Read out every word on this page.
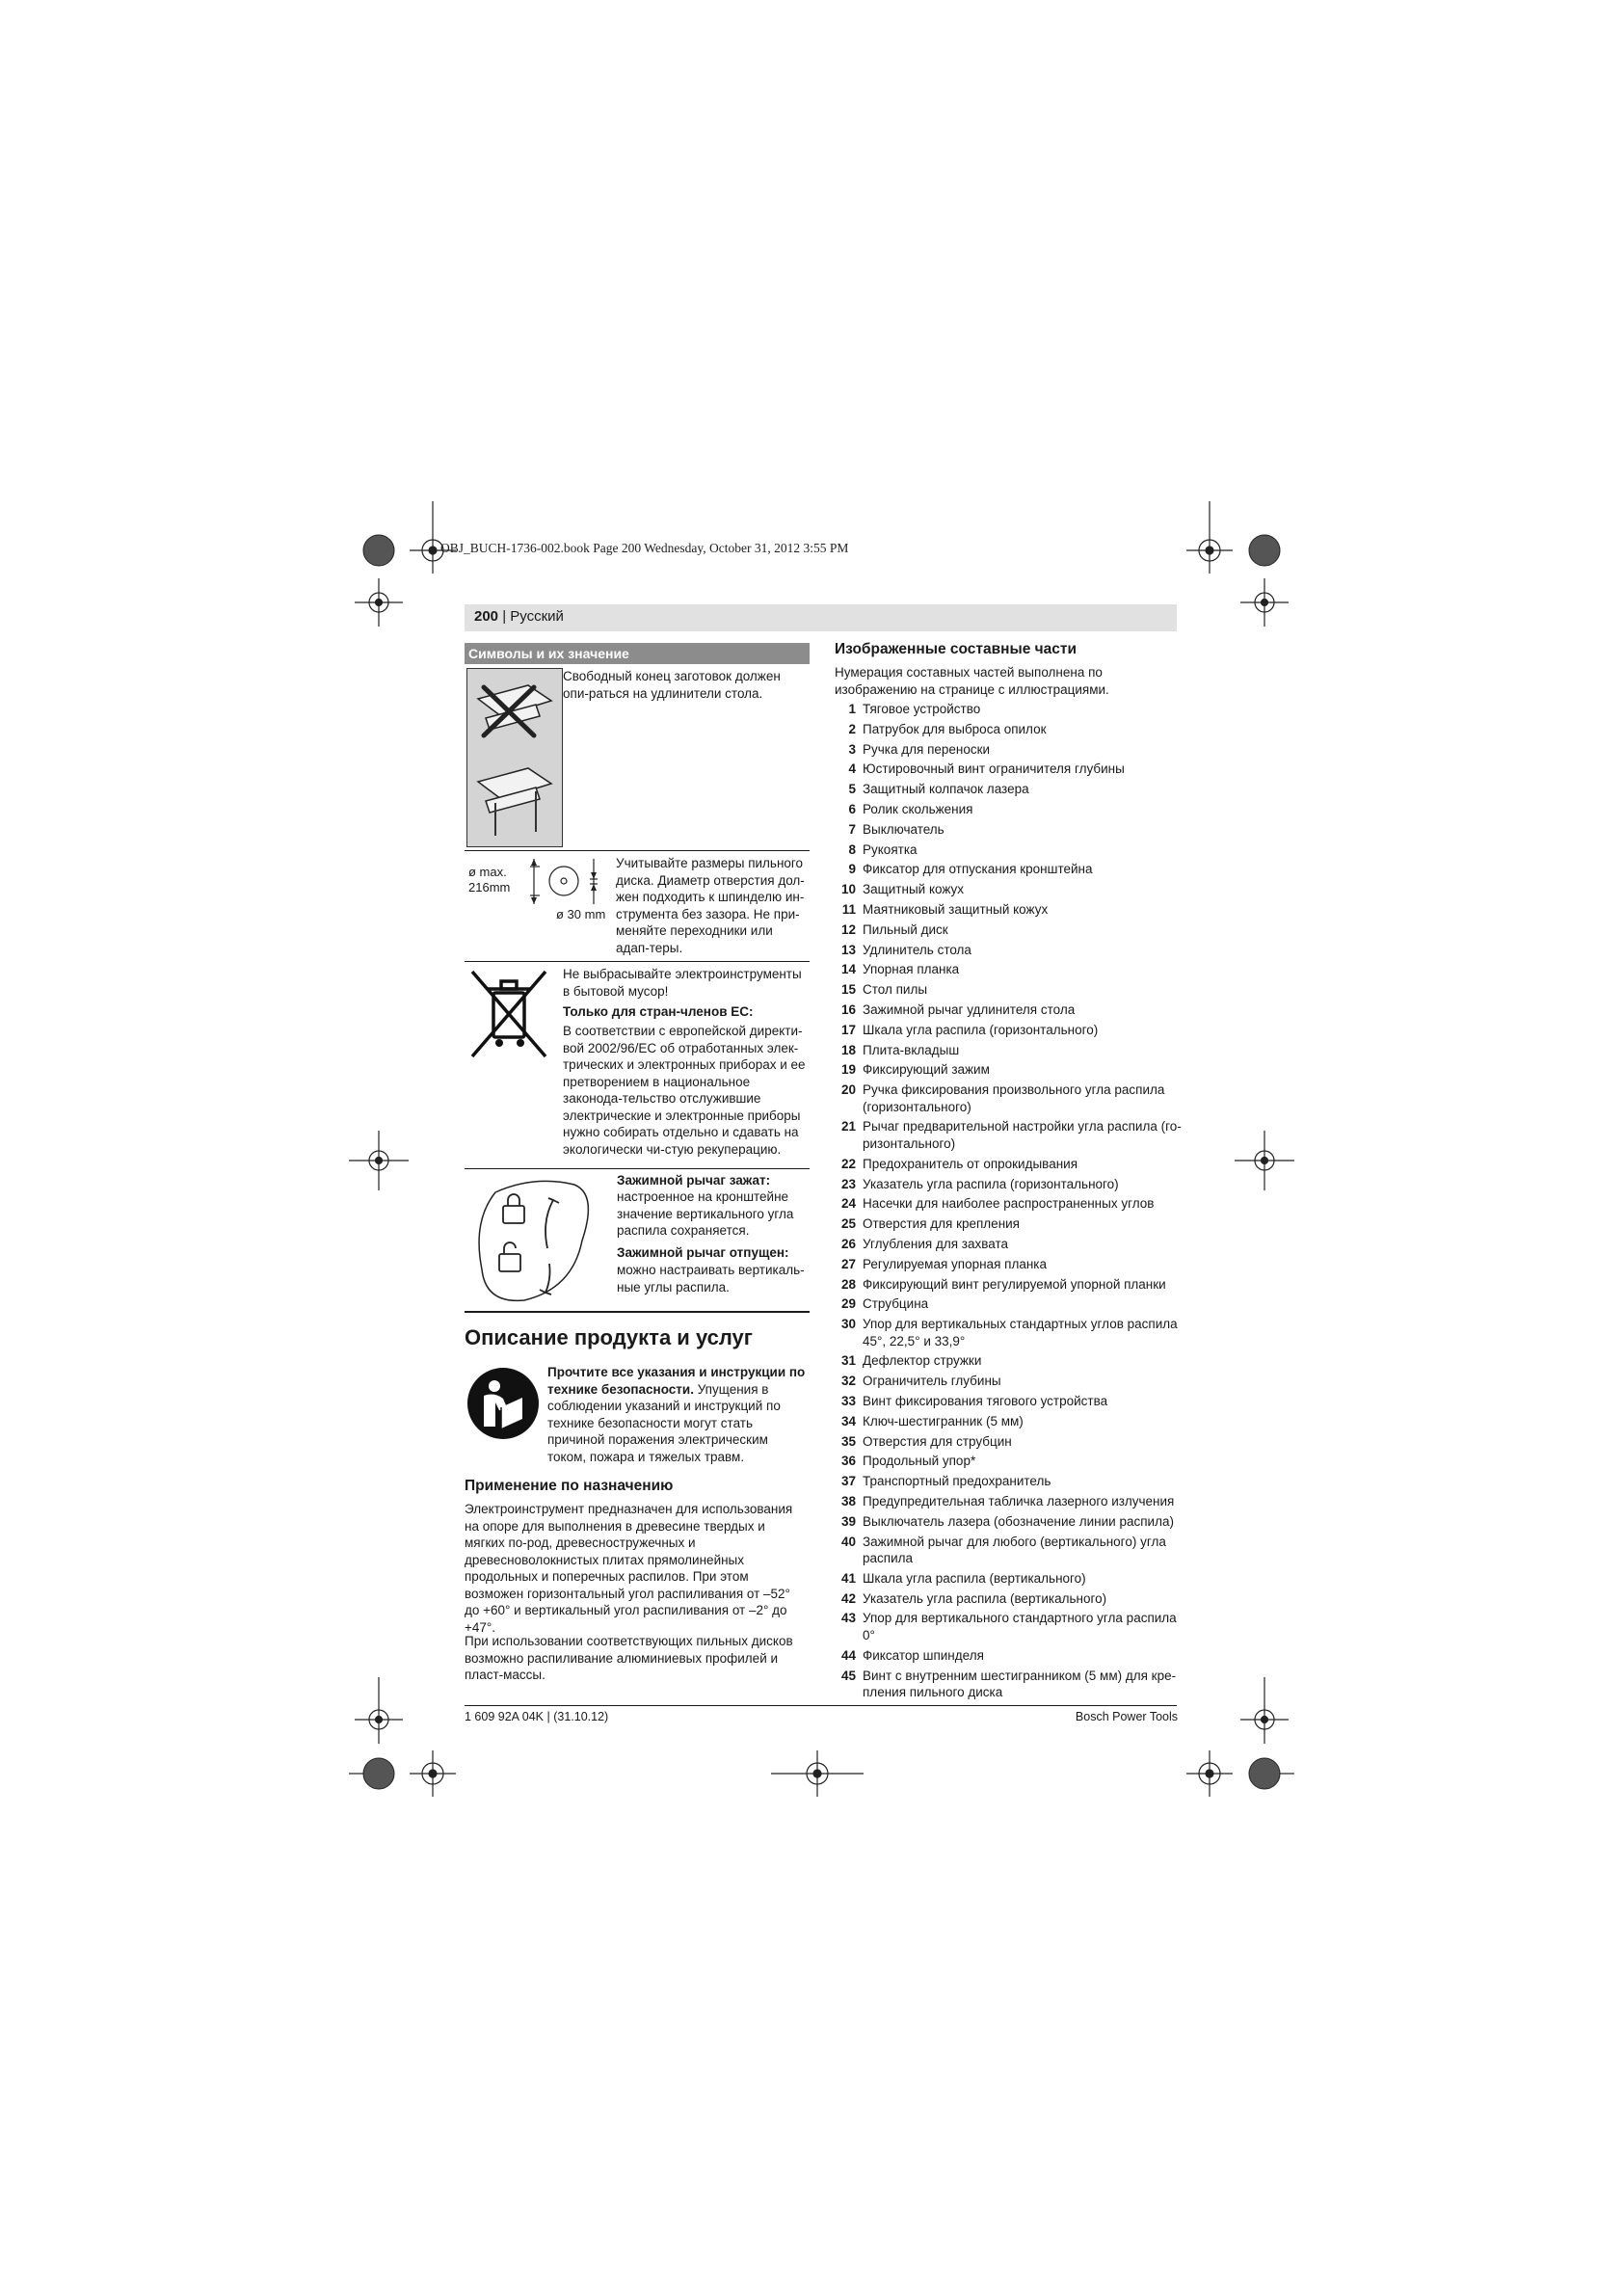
OBJ_BUCH-1736-002.book Page 200 Wednesday, October 31, 2012 3:55 PM
200 | Русский
Символы и их значение
Свободный конец заготовок должен опи-раться на удлинители стола.
ø max.
216mm
ø 30 mm
Учитывайте размеры пильного диска. Диаметр отверстия дол-жен подходить к шпинделю ин-струмента без зазора. Не при-меняйте переходники или адап-теры.
Не выбрасывайте электроинструменты в бытовой мусор!
Только для стран-членов ЕС:
В соответствии с европейской директи-вой 2002/96/ЕС об отработанных элек-трических и электронных приборах и ее претворением в национальное законода-тельство отслужившие электрические и электронные приборы нужно собирать отдельно и сдавать на экологически чи-стую рекуперацию.
Зажимной рычаг зажат:
настроенное на кронштейне значение вертикального угла распила сохраняется.
Зажимной рычаг отпущен:
можно настраивать вертикаль-ные углы распила.
Описание продукта и услуг
Прочтите все указания и инструкции по технике безопасности. Упущения в соблюдении указаний и инструкций по технике безопасности могут стать причиной поражения электрическим током, пожара и тяжелых травм.
Применение по назначению
Электроинструмент предназначен для использования на опоре для выполнения в древесине твердых и мягких по-род, древесностружечных и древесноволокнистых плитах прямолинейных продольных и поперечных распилов. При этом возможен горизонтальный угол распиливания от –52° до +60° и вертикальный угол распиливания от –2° до +47°.
При использовании соответствующих пильных дисков возможно распиливание алюминиевых профилей и пласт-массы.
Изображенные составные части
Нумерация составных частей выполнена по изображению на странице с иллюстрациями.
1 Тяговое устройство
2 Патрубок для выброса опилок
3 Ручка для переноски
4 Юстировочный винт ограничителя глубины
5 Защитный колпачок лазера
6 Ролик скольжения
7 Выключатель
8 Рукоятка
9 Фиксатор для отпускания кронштейна
10 Защитный кожух
11 Маятниковый защитный кожух
12 Пильный диск
13 Удлинитель стола
14 Упорная планка
15 Стол пилы
16 Зажимной рычаг удлинителя стола
17 Шкала угла распила (горизонтального)
18 Плита-вкладыш
19 Фиксирующий зажим
20 Ручка фиксирования произвольного угла распила (горизонтального)
21 Рычаг предварительной настройки угла распила (го-ризонтального)
22 Предохранитель от опрокидывания
23 Указатель угла распила (горизонтального)
24 Насечки для наиболее распространенных углов
25 Отверстия для крепления
26 Углубления для захвата
27 Регулируемая упорная планка
28 Фиксирующий винт регулируемой упорной планки
29 Струбцина
30 Упор для вертикальных стандартных углов распила 45°, 22,5° и 33,9°
31 Дефлектор стружки
32 Ограничитель глубины
33 Винт фиксирования тягового устройства
34 Ключ-шестигранник (5 мм)
35 Отверстия для струбцин
36 Продольный упор*
37 Транспортный предохранитель
38 Предупредительная табличка лазерного излучения
39 Выключатель лазера (обозначение линии распила)
40 Зажимной рычаг для любого (вертикального) угла распила
41 Шкала угла распила (вертикального)
42 Указатель угла распила (вертикального)
43 Упор для вертикального стандартного угла распила 0°
44 Фиксатор шпинделя
45 Винт с внутренним шестигранником (5 мм) для кре-пления пильного диска
1 609 92A 04K | (31.10.12)	Bosch Power Tools
